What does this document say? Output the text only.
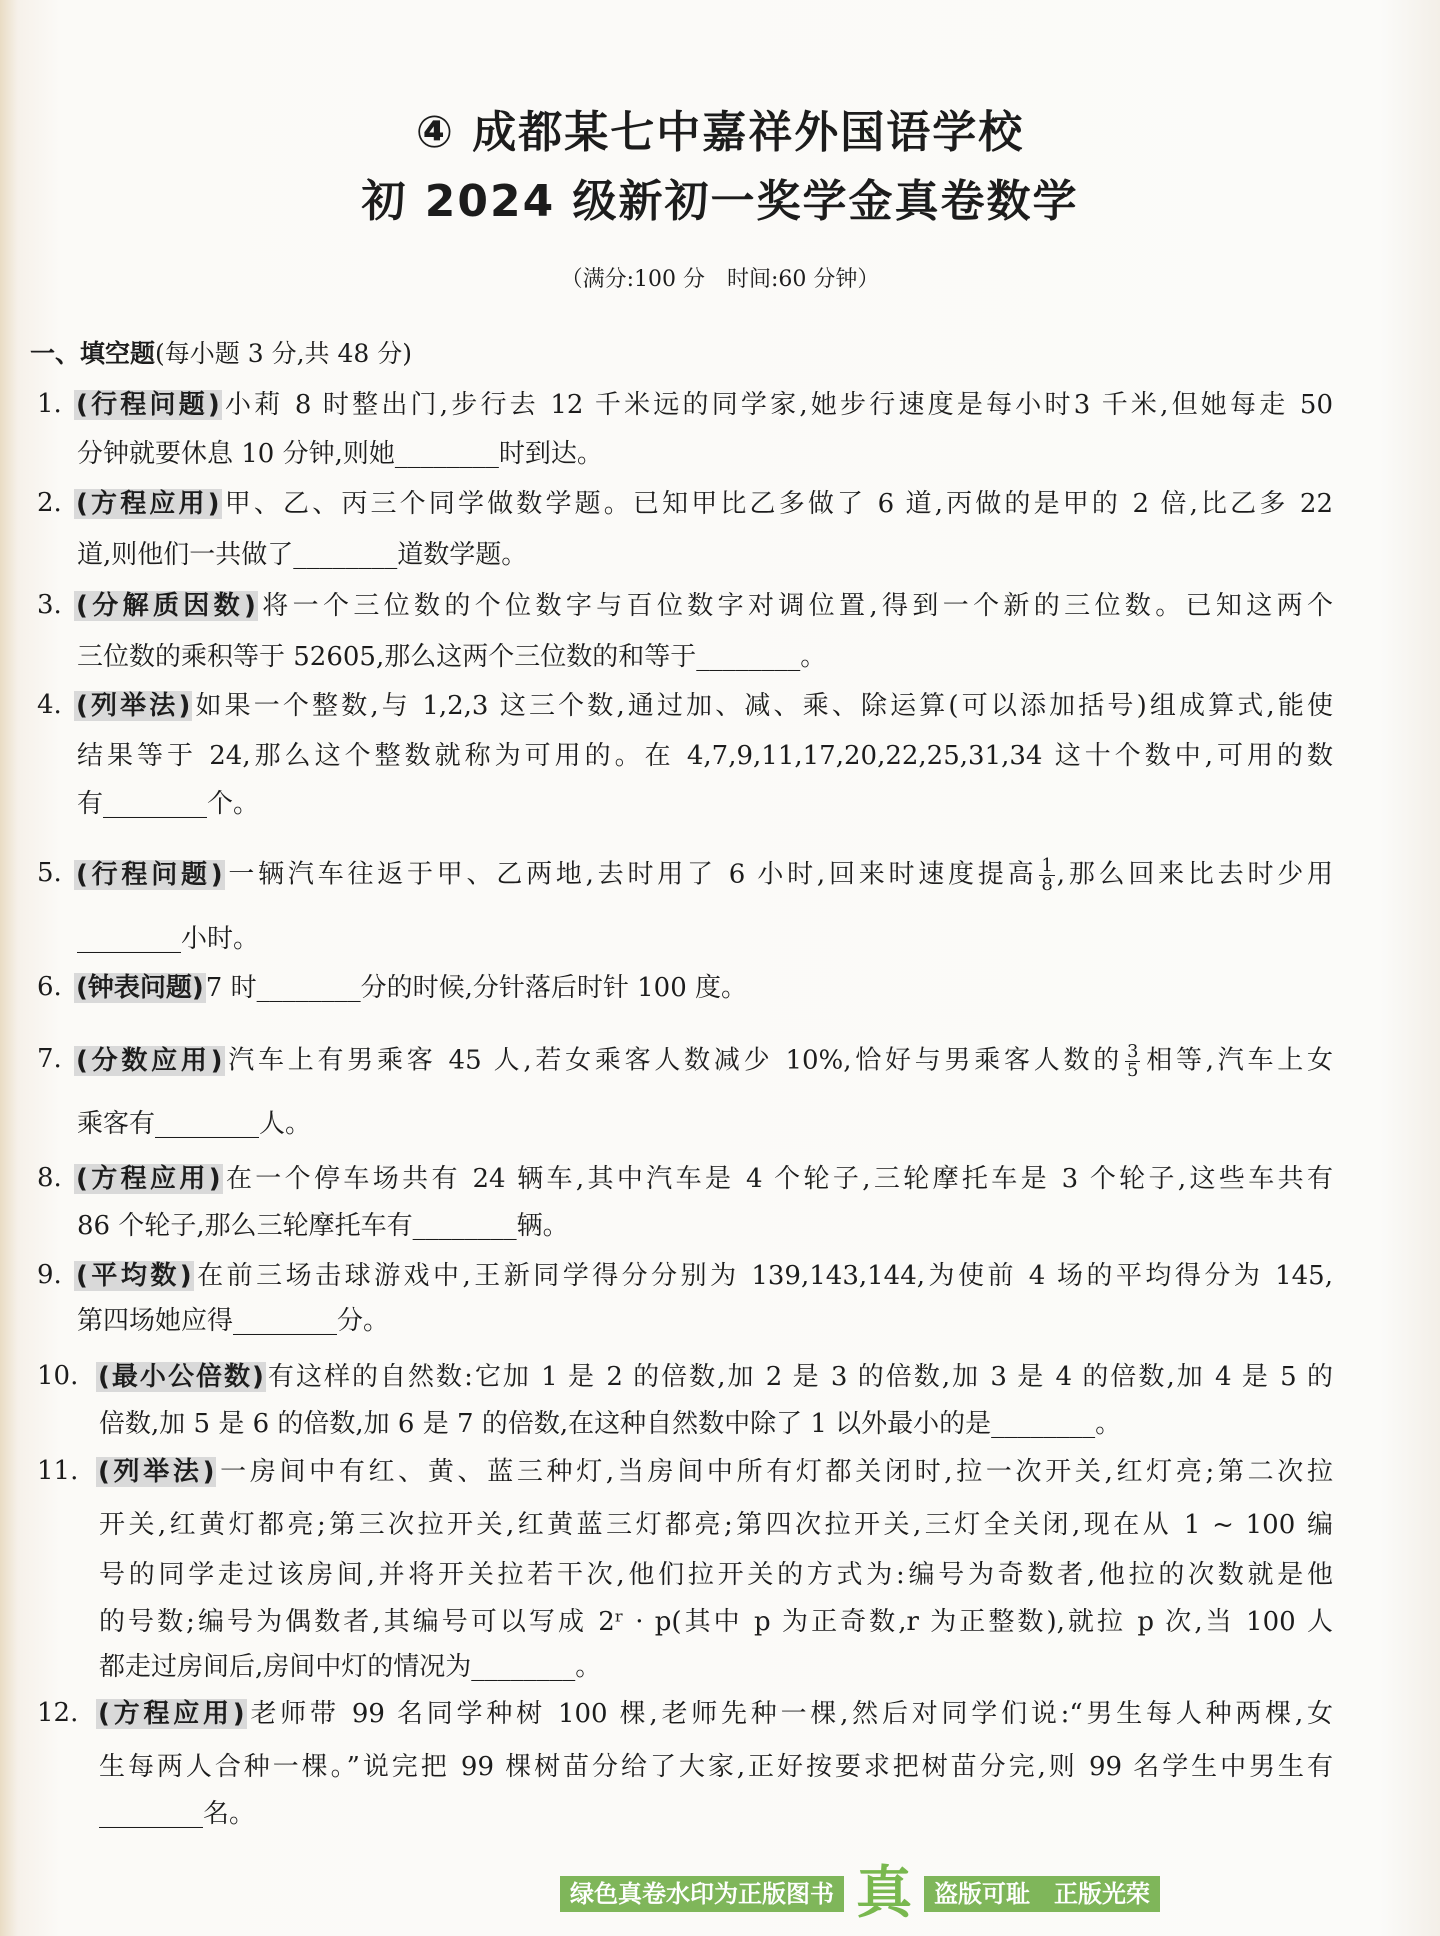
④ 成都某七中嘉祥外国语学校
初 2024 级新初一奖学金真卷数学
（满分:100 分　时间:60 分钟）
一、填空题(每小题 3 分,共 48 分)
1. (行程问题)小莉 8 时整出门,步行去 12 千米远的同学家,她步行速度是每小时3 千米,但她每走 50
分钟就要休息 10 分钟,则她________时到达。
2. (方程应用)甲、乙、丙三个同学做数学题。已知甲比乙多做了 6 道,丙做的是甲的 2 倍,比乙多 22
道,则他们一共做了________道数学题。
3. (分解质因数)将一个三位数的个位数字与百位数字对调位置,得到一个新的三位数。已知这两个
三位数的乘积等于 52605,那么这两个三位数的和等于________。
4. (列举法)如果一个整数,与 1,2,3 这三个数,通过加、减、乘、除运算(可以添加括号)组成算式,能使
结果等于 24,那么这个整数就称为可用的。在 4,7,9,11,17,20,22,25,31,34 这十个数中,可用的数
有________个。
5. (行程问题)一辆汽车往返于甲、乙两地,去时用了 6 小时,回来时速度提高 $\frac{1}{8}$ ,那么回来比去时少用
________小时。
6. (钟表问题)7 时________分的时候,分针落后时针 100 度。
7. (分数应用)汽车上有男乘客 45 人,若女乘客人数减少 10%,恰好与男乘客人数的 $\frac{3}{5}$ 相等,汽车上女
乘客有________人。
8. (方程应用)在一个停车场共有 24 辆车,其中汽车是 4 个轮子,三轮摩托车是 3 个轮子,这些车共有
86 个轮子,那么三轮摩托车有________辆。
9. (平均数)在前三场击球游戏中,王新同学得分分别为 139,143,144,为使前 4 场的平均得分为 145,
第四场她应得________分。
10. (最小公倍数)有这样的自然数:它加 1 是 2 的倍数,加 2 是 3 的倍数,加 3 是 4 的倍数,加 4 是 5 的
倍数,加 5 是 6 的倍数,加 6 是 7 的倍数,在这种自然数中除了 1 以外最小的是________。
11. (列举法)一房间中有红、黄、蓝三种灯,当房间中所有灯都关闭时,拉一次开关,红灯亮;第二次拉
开关,红黄灯都亮;第三次拉开关,红黄蓝三灯都亮;第四次拉开关,三灯全关闭,现在从 1 ~ 100 编
号的同学走过该房间,并将开关拉若干次,他们拉开关的方式为:编号为奇数者,他拉的次数就是他
的号数;编号为偶数者,其编号可以写成 2ʳ · p(其中 p 为正奇数,r 为正整数),就拉 p 次,当 100 人
都走过房间后,房间中灯的情况为________。
12. (方程应用)老师带 99 名同学种树 100 棵,老师先种一棵,然后对同学们说:“男生每人种两棵,女
生每两人合种一棵。”说完把 99 棵树苗分给了大家,正好按要求把树苗分完,则 99 名学生中男生有
________名。
绿色真卷水印为正版图书 真 盗版可耻　正版光荣
